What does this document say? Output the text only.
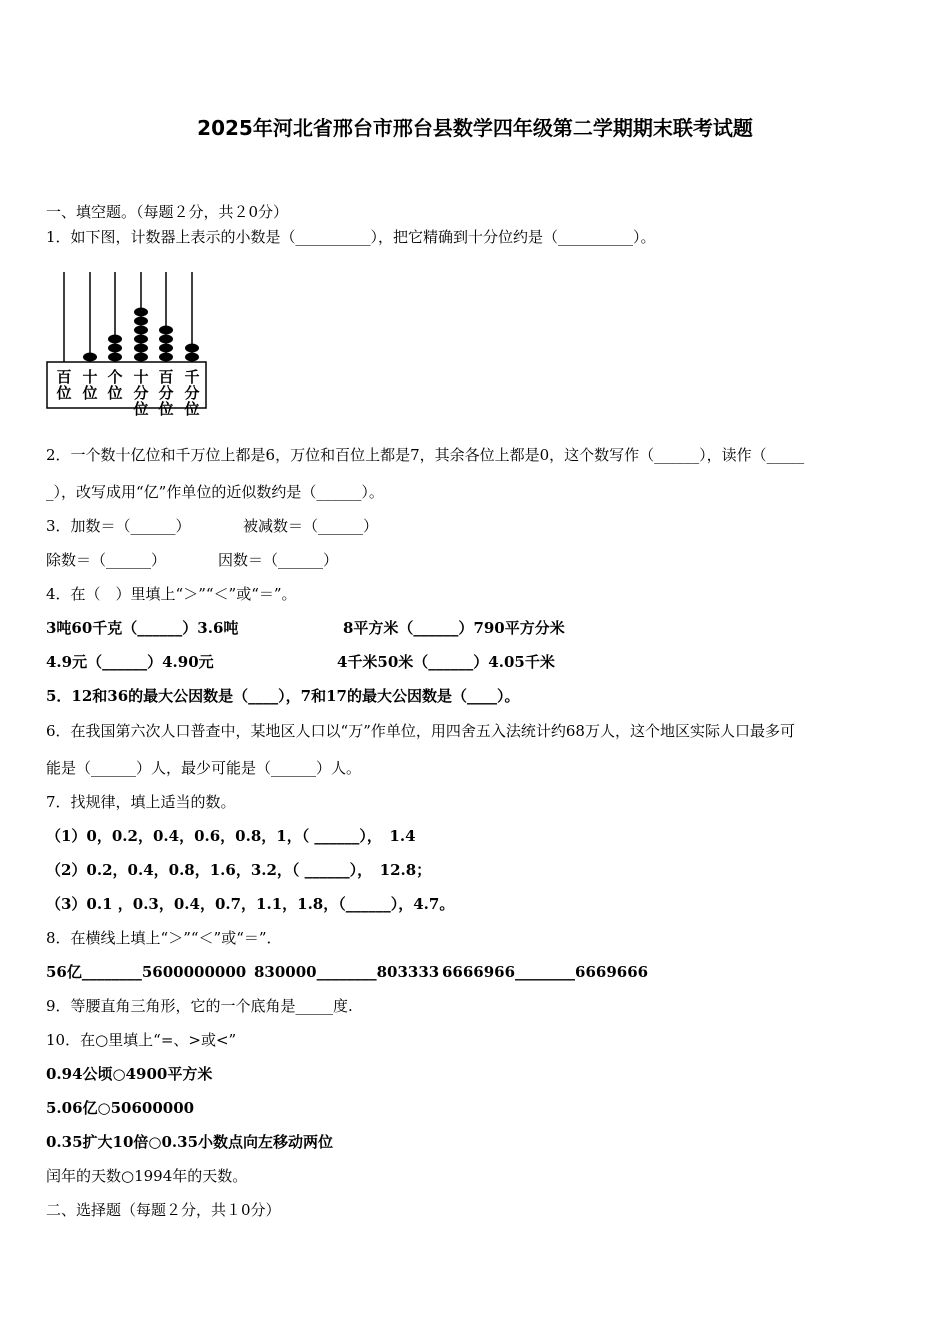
2025年河北省邢台市邢台县数学四年级第二学期期末联考试题
一、填空题。（每题２分，共２0分）
1．如下图，计数器上表示的小数是（__________），把它精确到十分位约是（__________）。
百位
十位
个位
十分位
百分位
千分位
2．一个数十亿位和千万位上都是6，万位和百位上都是7，其余各位上都是0，这个数写作（______），读作（_____
_），改写成用“亿”作单位的近似数约是（______）。
3．加数＝（______）	被减数＝（______）
除数＝（______）	因数＝（______）
4．在（　）里填上“＞”“＜”或“＝”。
3吨60千克（______）3.6吨	8平方米（______）790平方分米
4.9元（______）4.90元	4千米50米（______）4.05千米
5．12和36的最大公因数是（____），7和17的最大公因数是（____）。
6．在我国第六次人口普查中，某地区人口以“万”作单位，用四舍五入法统计约68万人，这个地区实际人口最多可
能是（______）人，最少可能是（______）人。
7．找规律，填上适当的数。
（1）0，0.2，0.4，0.6，0.8，1，（ ______），　1.4
（2）0.2，0.4，0.8，1.6，3.2，（ ______），　12.8；
（3）0.1 ，0.3，0.4，0.7，1.1，1.8，（______），4.7。
8．在横线上填上“＞”“＜”或“＝”．
56亿________5600000000 830000________803333 6666966________6669666
9．等腰直角三角形，它的一个底角是_____度.
10．在○里填上“=、>或<”
0.94公顷○4900平方米
5.06亿○50600000
0.35扩大10倍○0.35小数点向左移动两位
闰年的天数○1994年的天数。
二、选择题（每题２分，共１0分）
